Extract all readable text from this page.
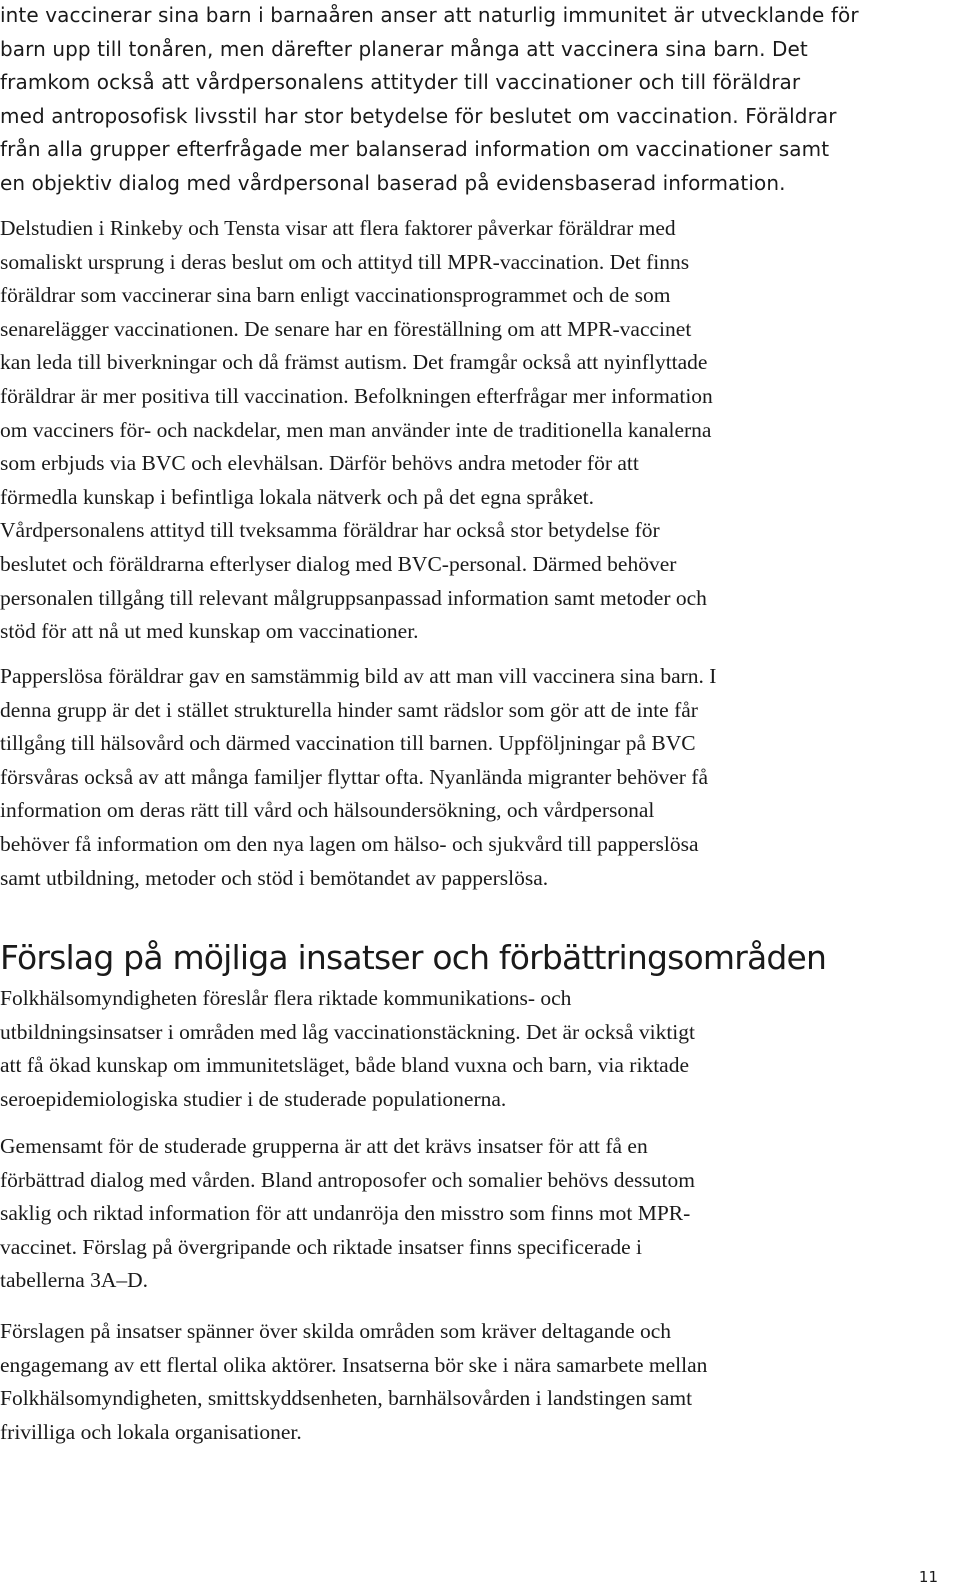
inte vaccinerar sina barn i barnaåren anser att naturlig immunitet är utvecklande för
barn upp till tonåren, men därefter planerar många att vaccinera sina barn. Det
framkom också att vårdpersonalens attityder till vaccinationer och till föräldrar
med antroposofisk livsstil har stor betydelse för beslutet om vaccination. Föräldrar
från alla grupper efterfrågade mer balanserad information om vaccinationer samt
en objektiv dialog med vårdpersonal baserad på evidensbaserad information.

Delstudien i Rinkeby och Tensta visar att flera faktorer påverkar föräldrar med
somaliskt ursprung i deras beslut om och attityd till MPR-vaccination. Det finns
föräldrar som vaccinerar sina barn enligt vaccinationsprogrammet och de som
senarelägger vaccinationen. De senare har en föreställning om att MPR-vaccinet
kan leda till biverkningar och då främst autism. Det framgår också att nyinflyttade
föräldrar är mer positiva till vaccination. Befolkningen efterfrågar mer information
om vacciners för- och nackdelar, men man använder inte de traditionella kanalerna
som erbjuds via BVC och elevhälsan. Därför behövs andra metoder för att
förmedla kunskap i befintliga lokala nätverk och på det egna språket.
Vårdpersonalens attityd till tveksamma föräldrar har också stor betydelse för
beslutet och föräldrarna efterlyser dialog med BVC-personal. Därmed behöver
personalen tillgång till relevant målgruppsanpassad information samt metoder och
stöd för att nå ut med kunskap om vaccinationer.

Papperslösa föräldrar gav en samstämmig bild av att man vill vaccinera sina barn. I
denna grupp är det i stället strukturella hinder samt rädslor som gör att de inte får
tillgång till hälsovård och därmed vaccination till barnen. Uppföljningar på BVC
försvåras också av att många familjer flyttar ofta. Nyanlända migranter behöver få
information om deras rätt till vård och hälsoundersökning, och vårdpersonal
behöver få information om den nya lagen om hälso- och sjukvård till papperslösa
samt utbildning, metoder och stöd i bemötandet av papperslösa.

Förslag på möjliga insatser och förbättringsområden

Folkhälsomyndigheten föreslår flera riktade kommunikations- och
utbildningsinsatser i områden med låg vaccinationstäckning. Det är också viktigt
att få ökad kunskap om immunitetsläget, både bland vuxna och barn, via riktade
seroepidemiologiska studier i de studerade populationerna.

Gemensamt för de studerade grupperna är att det krävs insatser för att få en
förbättrad dialog med vården. Bland antroposofer och somalier behövs dessutom
saklig och riktad information för att undanröja den misstro som finns mot MPR-
vaccinet. Förslag på övergripande och riktade insatser finns specificerade i
tabellerna 3A–D.

Förslagen på insatser spänner över skilda områden som kräver deltagande och
engagemang av ett flertal olika aktörer. Insatserna bör ske i nära samarbete mellan
Folkhälsomyndigheten, smittskyddsenheten, barnhälsovården i landstingen samt
frivilliga och lokala organisationer.

11
